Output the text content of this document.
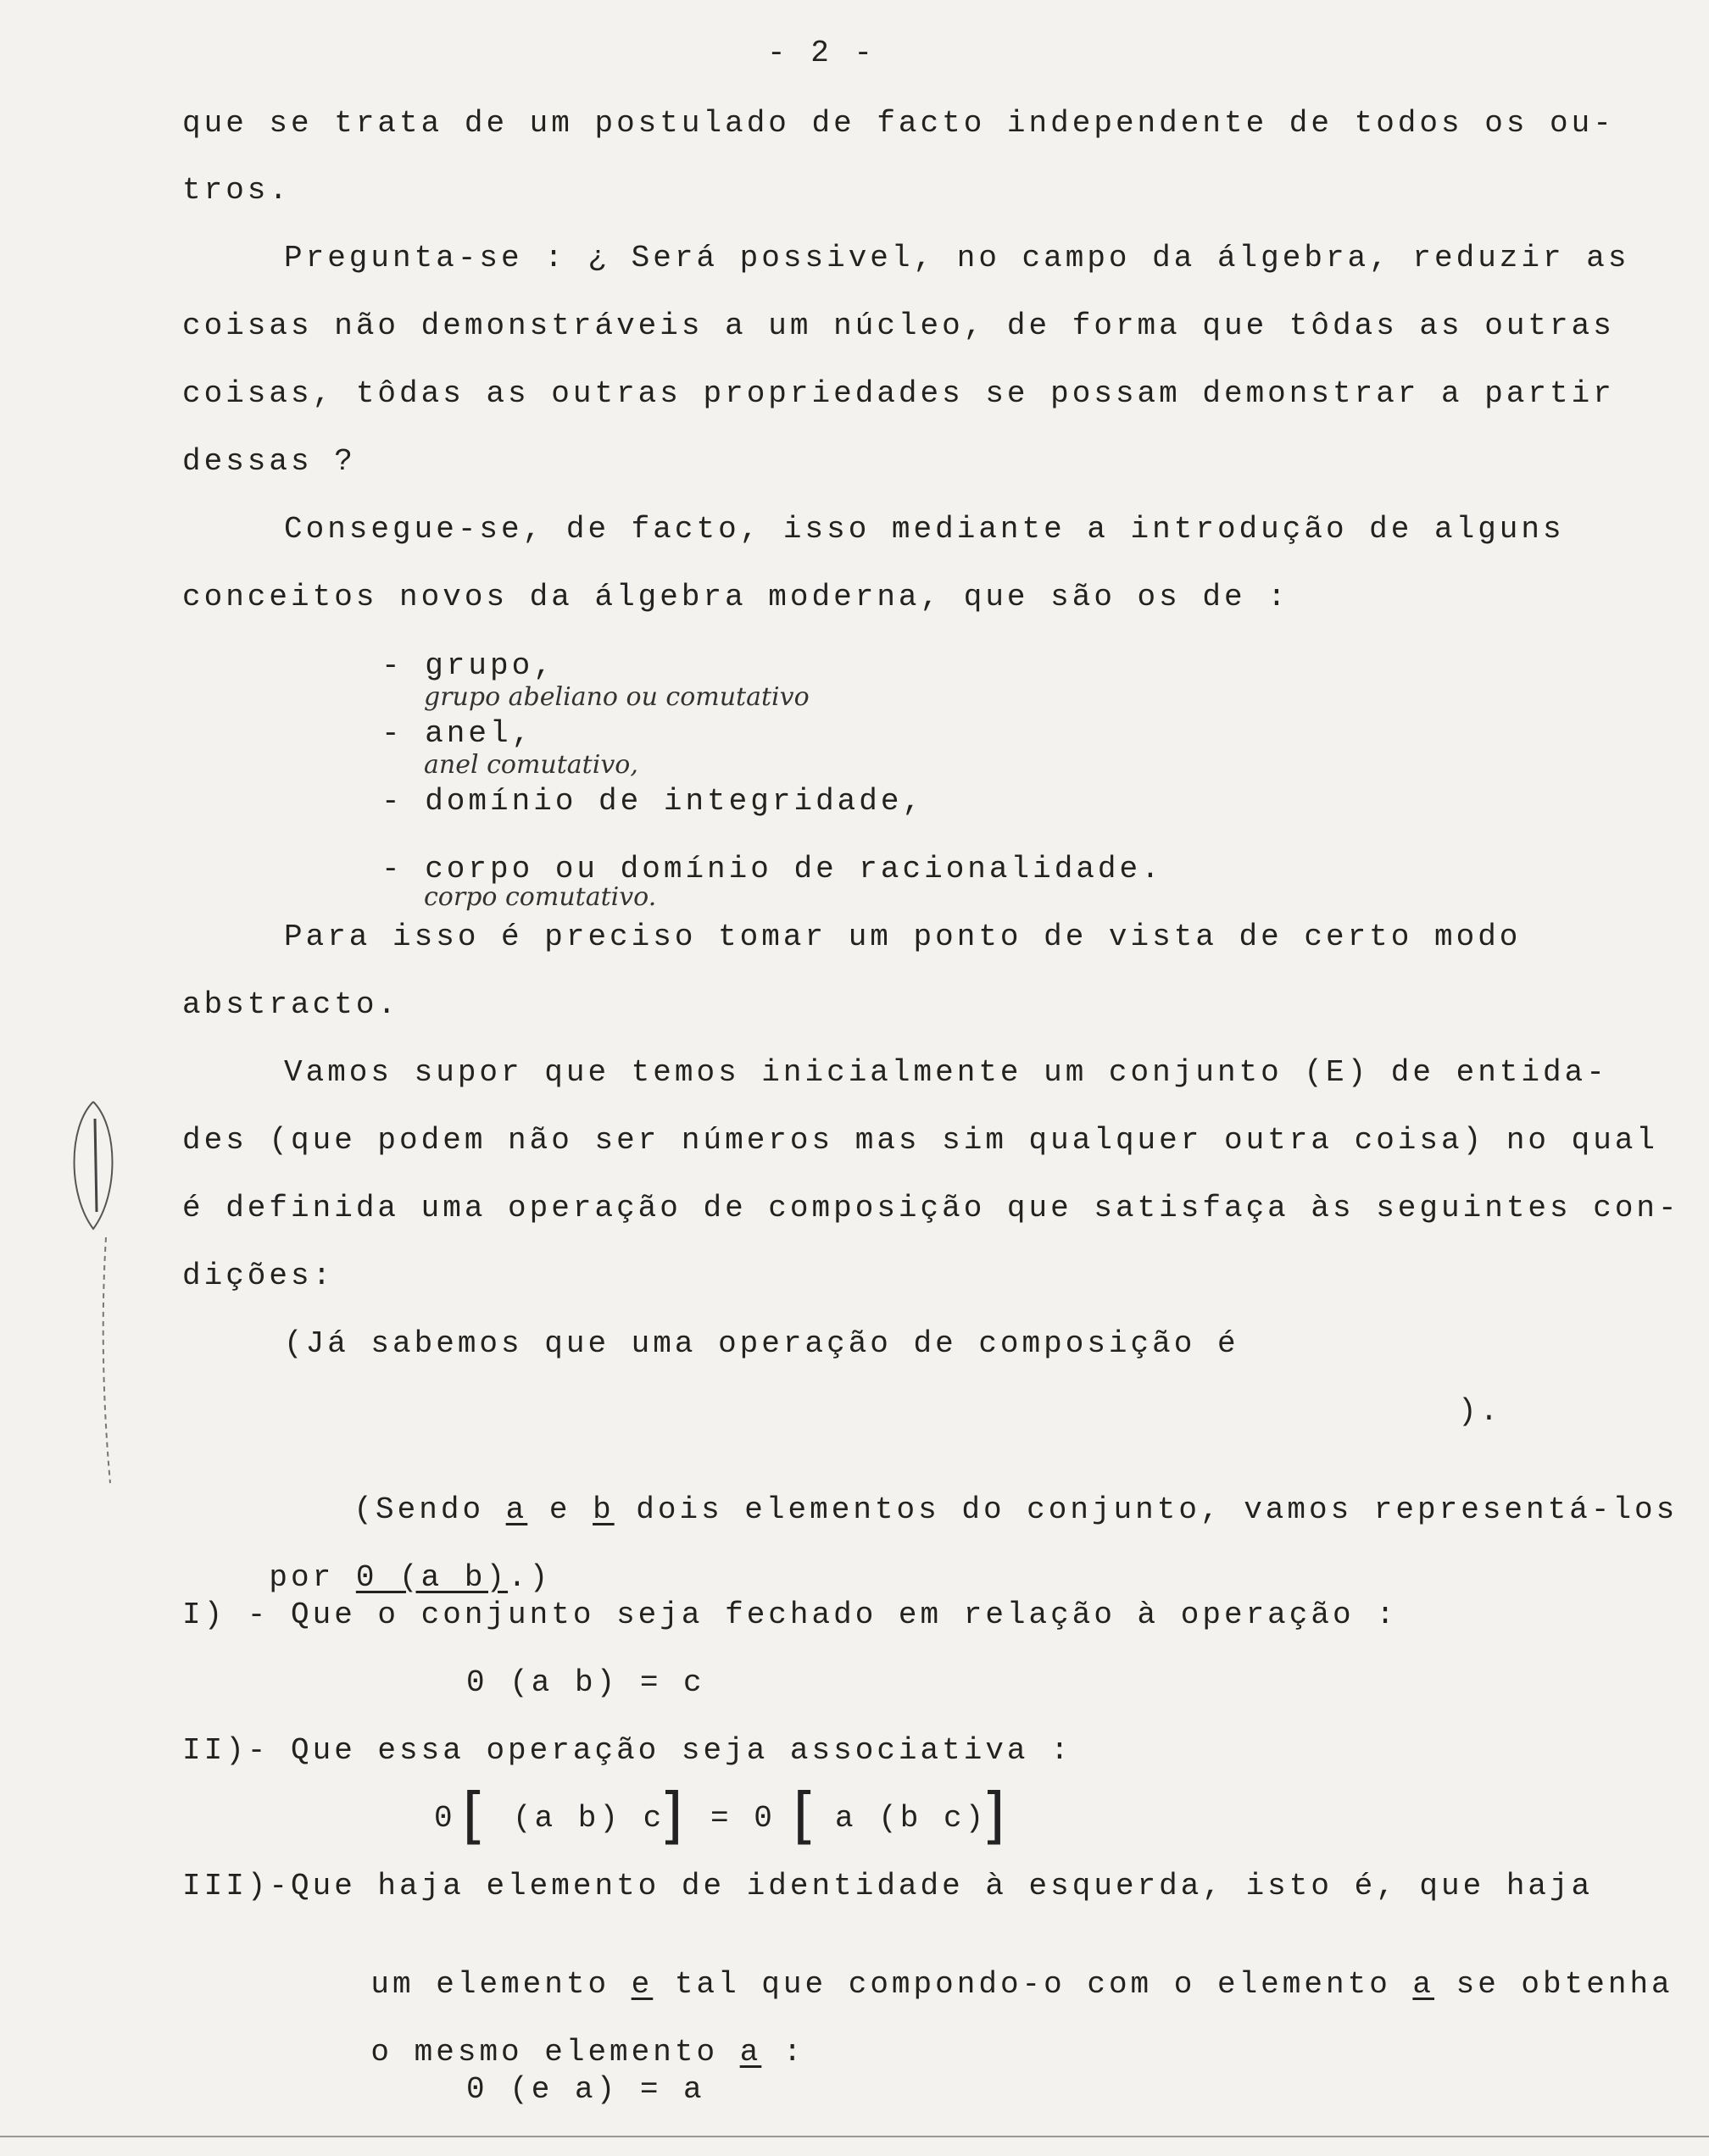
- 2 -
que se trata de um postulado de facto independente de todos os ou-
tros.
Pregunta-se : ¿ Será possivel, no campo da álgebra, reduzir as
coisas não demonstráveis a um núcleo, de forma que tôdas as outras
coisas, tôdas as outras propriedades se possam demonstrar a partir
dessas ?
Consegue-se, de facto, isso mediante a introdução de alguns
conceitos novos da álgebra moderna, que são os de :
- grupo,
grupo abeliano ou comutativo
- anel,
anel comutativo,
- domínio de integridade,
- corpo ou domínio de racionalidade.
corpo comutativo.
Para isso é preciso tomar um ponto de vista de certo modo
abstracto.
Vamos supor que temos inicialmente um conjunto (E) de entida-
des (que podem não ser números mas sim qualquer outra coisa) no qual
é definida uma operação de composição que satisfaça às seguintes con-
dições:
(Já sabemos que uma operação de composição é
).

(Sendo a e b dois elementos do conjunto, vamos representá-los

por 0 (a b).)

I) - Que o conjunto seja fechado em relação à operação :
0 (a b) = c
II)- Que essa operação seja associativa :
0 [ (a b) c
] = 0 [ a (b c)
]
III)-Que haja elemento de identidade à esquerda, isto é, que haja

um elemento e tal que compondo-o com o elemento a se obtenha

o mesmo elemento a :

0 (e a) = a
